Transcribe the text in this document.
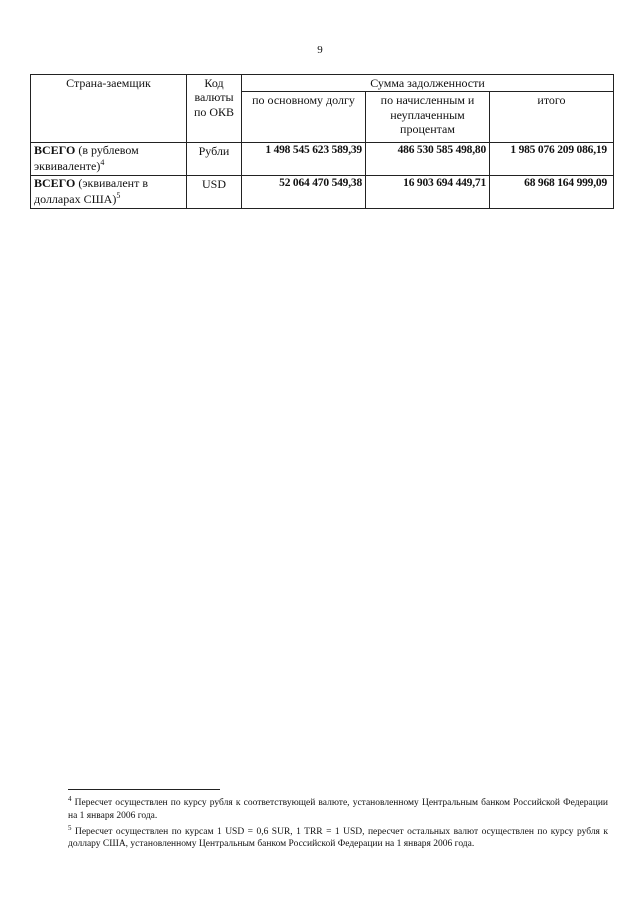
9
Страна-заемщик	Код валюты по ОКВ	Сумма задолженности		
		по основному долгу	по начисленным и неуплаченным процентам	итого
ВСЕГО (в рублевом эквиваленте)$^4$	Рубли	1 498 545 623 589,39	486 530 585 498,80	1 985 076 209 086,19
ВСЕГО (эквивалент в долларах США)$^5$	USD	52 064 470 549,38	16 903 694 449,71	68 968 164 999,09

$^4$ Пересчет осуществлен по курсу рубля к соответствующей валюте, установленному Центральным банком Российской Федерации на 1 января 2006 года.

$^5$ Пересчет осуществлен по курсам 1 USD = 0,6 SUR, 1 TRR = 1 USD, пересчет остальных валют осуществлен по курсу рубля к доллару США, установленному Центральным банком Российской Федерации на 1 января 2006 года.
